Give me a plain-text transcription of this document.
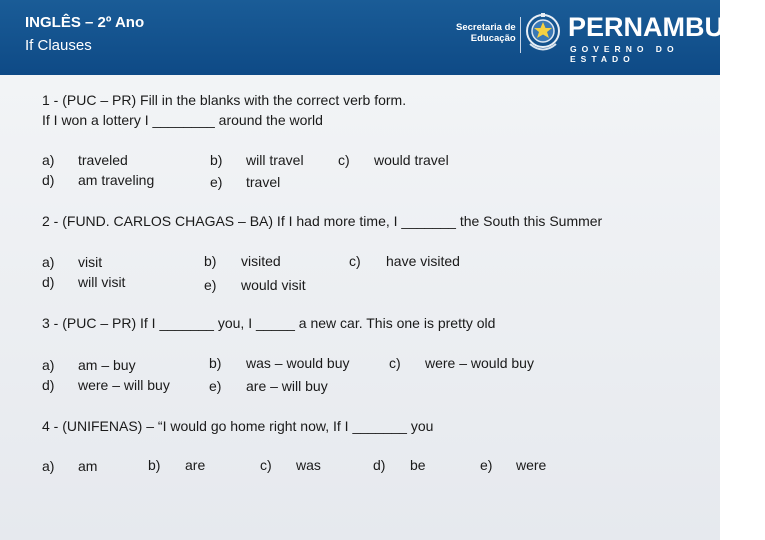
INGLÊS – 2º Ano
If Clauses
Secretaria de
Educação PERNAMBUCO
GOVERNO DO ESTADO
1 - (PUC – PR) Fill in the blanks with the correct verb form.
If I won a lottery I ________ around the world
a) traveled	b) will travel c) would travel
d) am traveling	e) travel
2 - (FUND. CARLOS CHAGAS – BA) If I had more time, I _______ the South this Summer
a) visit	b) visited	c) have visited
d) will visit	e) would visit
3 - (PUC – PR) If I _______ you, I _____ a new car. This one is pretty old
a) am – buy	b) was – would buy	c) were – would buy
d) were – will buy	e) are – will buy
4 - (UNIFENAS) – “I would go home right now, If I _______ you
a) am	b) are	c) was	d) be	e) were
